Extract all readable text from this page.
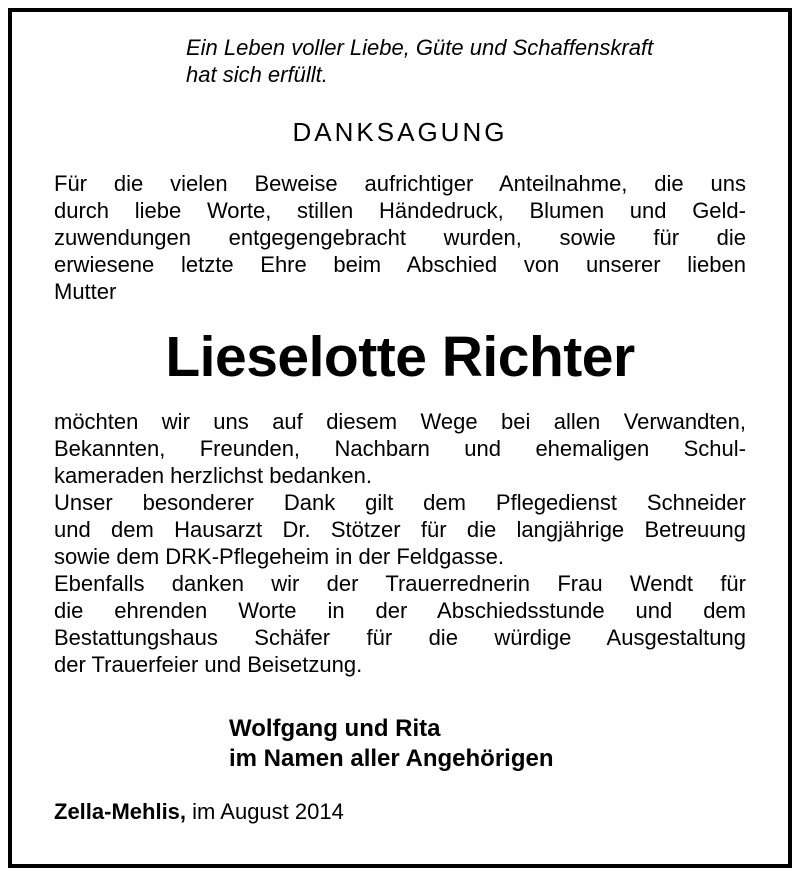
Ein Leben voller Liebe, Güte und Schaffenskraft
hat sich erfüllt.
DANKSAGUNG
Für die vielen Beweise aufrichtiger Anteilnahme, die uns
durch liebe Worte, stillen Händedruck, Blumen und Geld-
zuwendungen entgegengebracht wurden, sowie für die
erwiesene letzte Ehre beim Abschied von unserer lieben
Mutter
Lieselotte Richter
möchten wir uns auf diesem Wege bei allen Verwandten,
Bekannten, Freunden, Nachbarn und ehemaligen Schul-
kameraden herzlichst bedanken.
Unser besonderer Dank gilt dem Pflegedienst Schneider
und dem Hausarzt Dr. Stötzer für die langjährige Betreuung
sowie dem DRK-Pflegeheim in der Feldgasse.
Ebenfalls danken wir der Trauerrednerin Frau Wendt für
die ehrenden Worte in der Abschiedsstunde und dem
Bestattungshaus Schäfer für die würdige Ausgestaltung
der Trauerfeier und Beisetzung.
Wolfgang und Rita
im Namen aller Angehörigen
Zella-Mehlis, im August 2014
